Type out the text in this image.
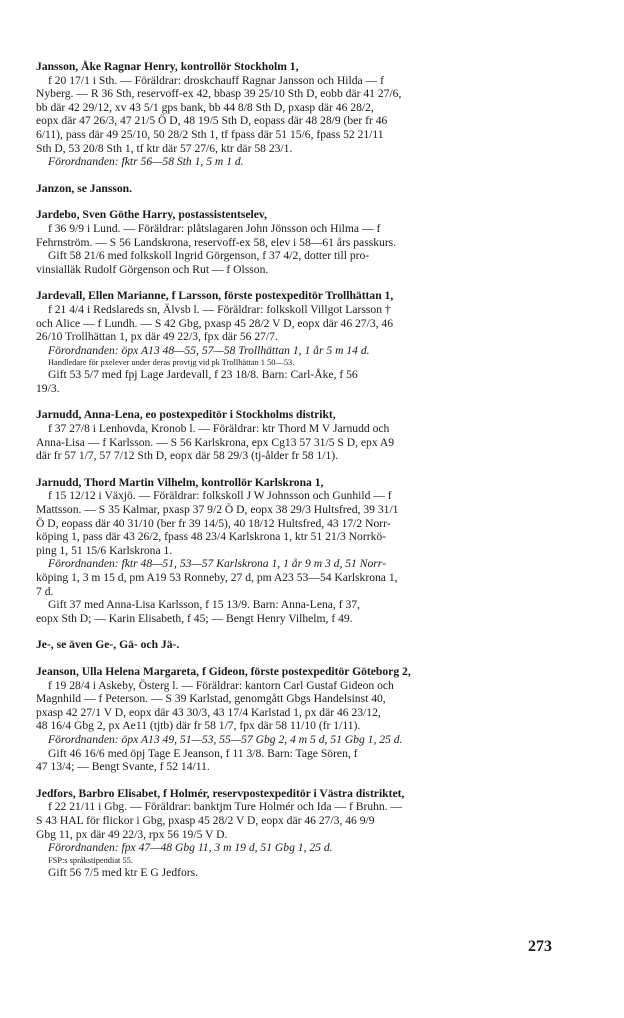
Jansson, Åke Ragnar Henry, kontrollör Stockholm 1,
f 20 17/1 i Sth. — Föräldrar: droskchauff Ragnar Jansson och Hilda — f
Nyberg. — R 36 Sth, reservoff-ex 42, bbasp 39 25/10 Sth D, eobb där 41 27/6,
bb där 42 29/12, xv 43 5/1 gps bank, bb 44 8/8 Sth D, pxasp där 46 28/2,
eopx där 47 26/3, 47 21/5 Ö D, 48 19/5 Sth D, eopass där 48 28/9 (ber fr 46
6/11), pass där 49 25/10, 50 28/2 Sth 1, tf fpass där 51 15/6, fpass 52 21/11
Sth D, 53 20/8 Sth 1, tf ktr där 57 27/6, ktr där 58 23/1.
Förordnanden: fktr 56—58 Sth 1, 5 m 1 d.
Janzon, se Jansson.
Jardebo, Sven Göthe Harry, postassistentselev,
f 36 9/9 i Lund. — Föräldrar: plåtslagaren John Jönsson och Hilma — f
Fehrnström. — S 56 Landskrona, reservoff-ex 58, elev i 58—61 års passkurs.
Gift 58 21/6 med folkskoll Ingrid Görgenson, f 37 4/2, dotter till pro-
vinsialläk Rudolf Görgenson och Rut — f Olsson.
Jardevall, Ellen Marianne, f Larsson, förste postexpeditör Trollhättan 1,
f 21 4/4 i Redslareds sn, Älvsb l. — Föräldrar: folkskoll Villgot Larsson †
och Alice — f Lundh. — S 42 Gbg, pxasp 45 28/2 V D, eopx där 46 27/3, 46
26/10 Trollhättan 1, px där 49 22/3, fpx där 56 27/7.
Förordnanden: öpx A13 48—55, 57—58 Trollhättan 1, 1 år 5 m 14 d.
Handledare för pxelever under deras provtjg vid pk Trollhättan 1 50—53.
Gift 53 5/7 med fpj Lage Jardevall, f 23 18/8. Barn: Carl-Åke, f 56
19/3.
Jarnudd, Anna-Lena, eo postexpeditör i Stockholms distrikt,
f 37 27/8 i Lenhovda, Kronob l. — Föräldrar: ktr Thord M V Jarnudd och
Anna-Lisa — f Karlsson. — S 56 Karlskrona, epx Cg13 57 31/5 S D, epx A9
där fr 57 1/7, 57 7/12 Sth D, eopx där 58 29/3 (tj-ålder fr 58 1/1).
Jarnudd, Thord Martin Vilhelm, kontrollör Karlskrona 1,
f 15 12/12 i Växjö. — Föräldrar: folkskoll J W Johnsson och Gunhild — f
Mattsson. — S 35 Kalmar, pxasp 37 9/2 Ö D, eopx 38 29/3 Hultsfred, 39 31/1
Ö D, eopass där 40 31/10 (ber fr 39 14/5), 40 18/12 Hultsfred, 43 17/2 Norr-
köping 1, pass där 43 26/2, fpass 48 23/4 Karlskrona 1, ktr 51 21/3 Norrkö-
ping 1, 51 15/6 Karlskrona 1.
Förordnanden: fktr 48—51, 53—57 Karlskrona 1, 1 år 9 m 3 d, 51 Norr-
köping 1, 3 m 15 d, pm A19 53 Ronneby, 27 d, pm A23 53—54 Karlskrona 1,
7 d.
Gift 37 med Anna-Lisa Karlsson, f 15 13/9. Barn: Anna-Lena, f 37,
eopx Sth D; — Karin Elisabeth, f 45; — Bengt Henry Vilhelm, f 49.
Je-, se även Ge-, Gä- och Jä-.
Jeanson, Ulla Helena Margareta, f Gideon, förste postexpeditör Göteborg 2,
f 19 28/4 i Askeby, Österg l. — Föräldrar: kantorn Carl Gustaf Gideon och
Magnhild — f Peterson. — S 39 Karlstad, genomgått Gbgs Handelsinst 40,
pxasp 42 27/1 V D, eopx där 43 30/3, 43 17/4 Karlstad 1, px där 46 23/12,
48 16/4 Gbg 2, px Ae11 (tjtb) där fr 58 1/7, fpx där 58 11/10 (fr 1/11).
Förordnanden: öpx A13 49, 51—53, 55—57 Gbg 2, 4 m 5 d, 51 Gbg 1, 25 d.
Gift 46 16/6 med öpj Tage E Jeanson, f 11 3/8. Barn: Tage Sören, f
47 13/4; — Bengt Svante, f 52 14/11.
Jedfors, Barbro Elisabet, f Holmér, reservpostexpeditör i Västra distriktet,
f 22 21/11 i Gbg. — Föräldrar: banktjm Ture Holmér och Ida — f Bruhn. —
S 43 HAL för flickor i Gbg, pxasp 45 28/2 V D, eopx där 46 27/3, 46 9/9
Gbg 11, px där 49 22/3, rpx 56 19/5 V D.
Förordnanden: fpx 47—48 Gbg 11, 3 m 19 d, 51 Gbg 1, 25 d.
FSP:s språkstipendiat 55.
Gift 56 7/5 med ktr E G Jedfors.
273
